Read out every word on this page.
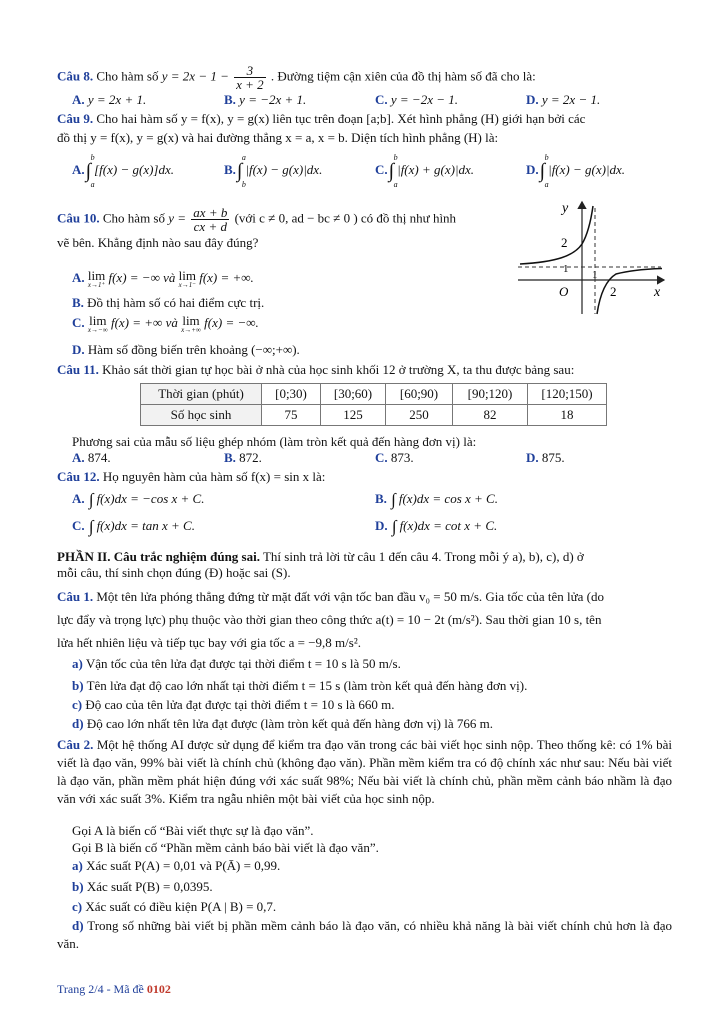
Câu 8. Cho hàm số $y = 2x - 1 - \frac{3}{x + 2}$ . Đường tiệm cận xiên của đồ thị hàm số đã cho là:
A. y = 2x + 1.	B. y = −2x + 1.	C. y = −2x − 1.	D. y = 2x − 1.
Câu 9. Cho hai hàm số y = f(x), y = g(x) liên tục trên đoạn [a;b]. Xét hình phẳng (H) giới hạn bởi các
đồ thị y = f(x), y = g(x) và hai đường thẳng x = a, x = b. Diện tích hình phẳng (H) là:
A.∫
b
a
[f(x) − g(x)]dx.	B.∫
a
b
|f(x) − g(x)|dx.	C.∫
b
a
|f(x) + g(x)|dx.	D.∫
b
a
|f(x) − g(x)|dx.
Câu 10. Cho hàm số $y = \frac{ax + b}{cx + d}$ (với c ≠ 0, ad − bc ≠ 0 ) có đồ thị như hình
vẽ bên. Khẳng định nào sau đây đúng?
A. lim
x→1⁺ f(x) = −∞ và lim
x→1⁻ f(x) = +∞.
B. Đồ thị hàm số có hai điểm cực trị.
C. lim
x→−∞ f(x) = +∞ và lim
x→+∞ f(x) = −∞.
D. Hàm số đồng biến trên khoảng (−∞;+∞).
y
x
O
2
1 1
2
Câu 11. Khảo sát thời gian tự học bài ở nhà của học sinh khối 12 ở trường X, ta thu được bảng sau:
Thời gian (phút)	[0;30)	[30;60)	[60;90)	[90;120)	[120;150)
Số học sinh	75	125	250	82	18
Phương sai của mẫu số liệu ghép nhóm (làm tròn kết quả đến hàng đơn vị) là:
A. 874.	B. 872.	C. 873.	D. 875.
Câu 12. Họ nguyên hàm của hàm số f(x) = sin x là:
A. ∫ f(x)dx = −cos x + C.	B. ∫ f(x)dx = cos x + C.
C. ∫ f(x)dx = tan x + C.	D. ∫ f(x)dx = cot x + C.
PHẦN II. Câu trắc nghiệm đúng sai. Thí sinh trả lời từ câu 1 đến câu 4. Trong mỗi ý a), b), c), d) ở
mỗi câu, thí sinh chọn đúng (Đ) hoặc sai (S).
Câu 1. Một tên lửa phóng thẳng đứng từ mặt đất với vận tốc ban đầu v₀ = 50 m/s. Gia tốc của tên lửa (do
lực đẩy và trọng lực) phụ thuộc vào thời gian theo công thức a(t) = 10 − 2t (m/s²). Sau thời gian 10 s, tên
lửa hết nhiên liệu và tiếp tục bay với gia tốc a = −9,8 m/s².
a) Vận tốc của tên lửa đạt được tại thời điểm t = 10 s là 50 m/s.
b) Tên lửa đạt độ cao lớn nhất tại thời điểm t = 15 s (làm tròn kết quả đến hàng đơn vị).
c) Độ cao của tên lửa đạt được tại thời điểm t = 10 s là 660 m.
d) Độ cao lớn nhất tên lửa đạt được (làm tròn kết quả đến hàng đơn vị) là 766 m.
Câu 2. Một hệ thống AI được sử dụng để kiểm tra đạo văn trong các bài viết học sinh nộp. Theo thống kê: có 1% bài viết là đạo văn, 99% bài viết là chính chủ (không đạo văn). Phần mềm kiểm tra có độ chính xác như sau: Nếu bài viết là đạo văn, phần mềm phát hiện đúng với xác suất 98%; Nếu bài viết là chính chủ, phần mềm cảnh báo nhầm là đạo văn với xác suất 3%. Kiểm tra ngẫu nhiên một bài viết của học sinh nộp.
Gọi A là biến cố “Bài viết thực sự là đạo văn”.
Gọi B là biến cố “Phần mềm cảnh báo bài viết là đạo văn”.
a) Xác suất P(A) = 0,01 và P(Ā) = 0,99.
b) Xác suất P(B) = 0,0395.
c) Xác suất có điều kiện P(A | B) = 0,7.
d) Trong số những bài viết bị phần mềm cảnh báo là đạo văn, có nhiều khả năng là bài viết chính chủ hơn là đạo văn.
Trang 2/4 - Mã đề 0102
